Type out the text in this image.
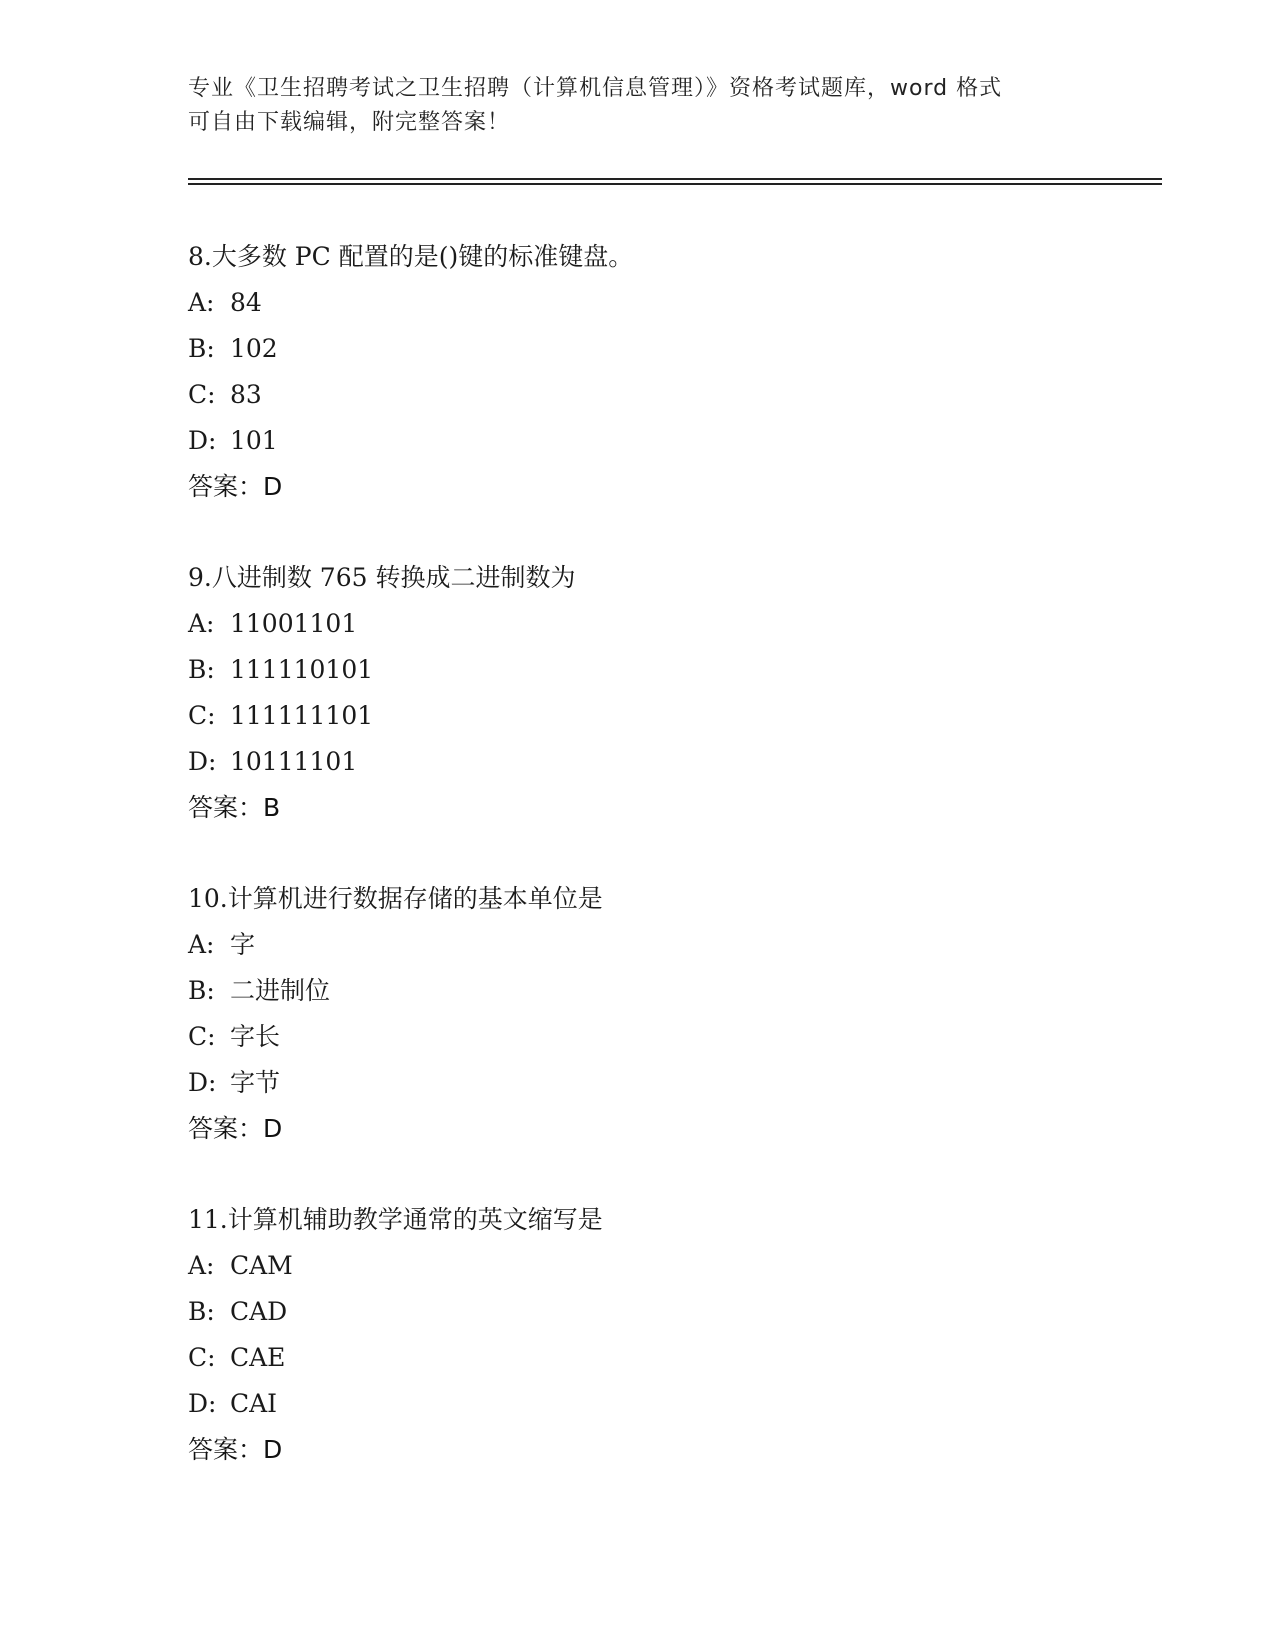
专业《卫生招聘考试之卫生招聘（计算机信息管理）》资格考试题库，word 格式
可自由下载编辑，附完整答案！
8.大多数 PC 配置的是()键的标准键盘。
A: 84
B: 102
C: 83
D: 101
答案：D
9.八进制数 765 转换成二进制数为
A: 11001101
B: 111110101
C: 111111101
D: 10111101
答案：B
10.计算机进行数据存储的基本单位是
A: 字
B: 二进制位
C: 字长
D: 字节
答案：D
11.计算机辅助教学通常的英文缩写是
A: CAM
B: CAD
C: CAE
D: CAI
答案：D
